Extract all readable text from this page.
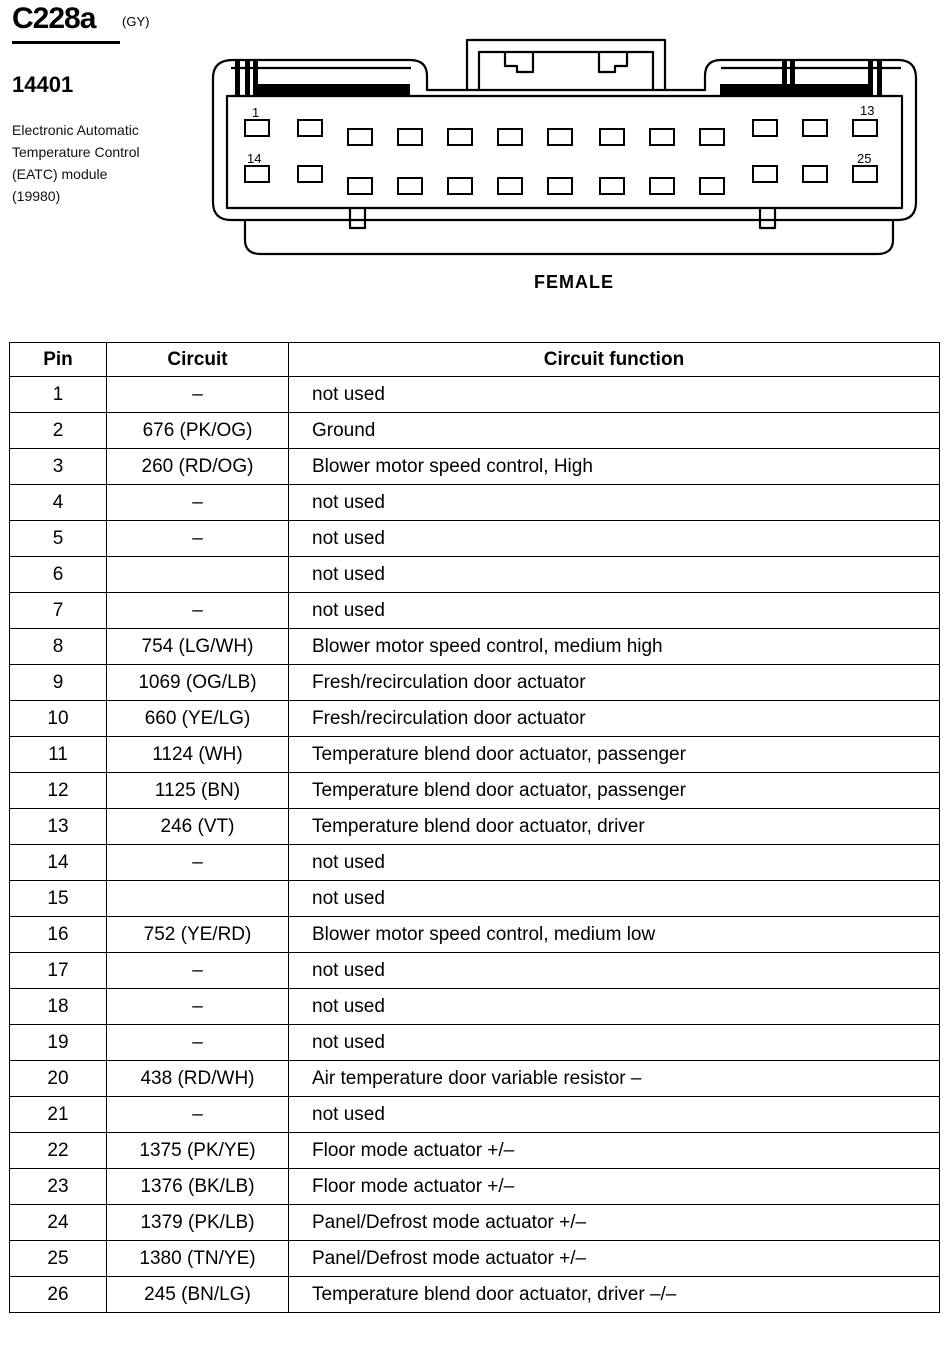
C228a (GY)
14401
Electronic Automatic
Temperature Control
(EATC) module
(19980)
1	13
14	25
FEMALE
Pin	Circuit	Circuit function
1	–	not used
2	676 (PK/OG)	Ground
3	260 (RD/OG)	Blower motor speed control, High
4	–	not used
5	–	not used
6		not used
7	–	not used
8	754 (LG/WH)	Blower motor speed control, medium high
9	1069 (OG/LB)	Fresh/recirculation door actuator
10	660 (YE/LG)	Fresh/recirculation door actuator
11	1124 (WH)	Temperature blend door actuator, passenger
12	1125 (BN)	Temperature blend door actuator, passenger
13	246 (VT)	Temperature blend door actuator, driver
14	–	not used
15		not used
16	752 (YE/RD)	Blower motor speed control, medium low
17	–	not used
18	–	not used
19	–	not used
20	438 (RD/WH)	Air temperature door variable resistor –
21	–	not used
22	1375 (PK/YE)	Floor mode actuator +/–
23	1376 (BK/LB)	Floor mode actuator +/–
24	1379 (PK/LB)	Panel/Defrost mode actuator +/–
25	1380 (TN/YE)	Panel/Defrost mode actuator +/–
26	245 (BN/LG)	Temperature blend door actuator, driver –/–
